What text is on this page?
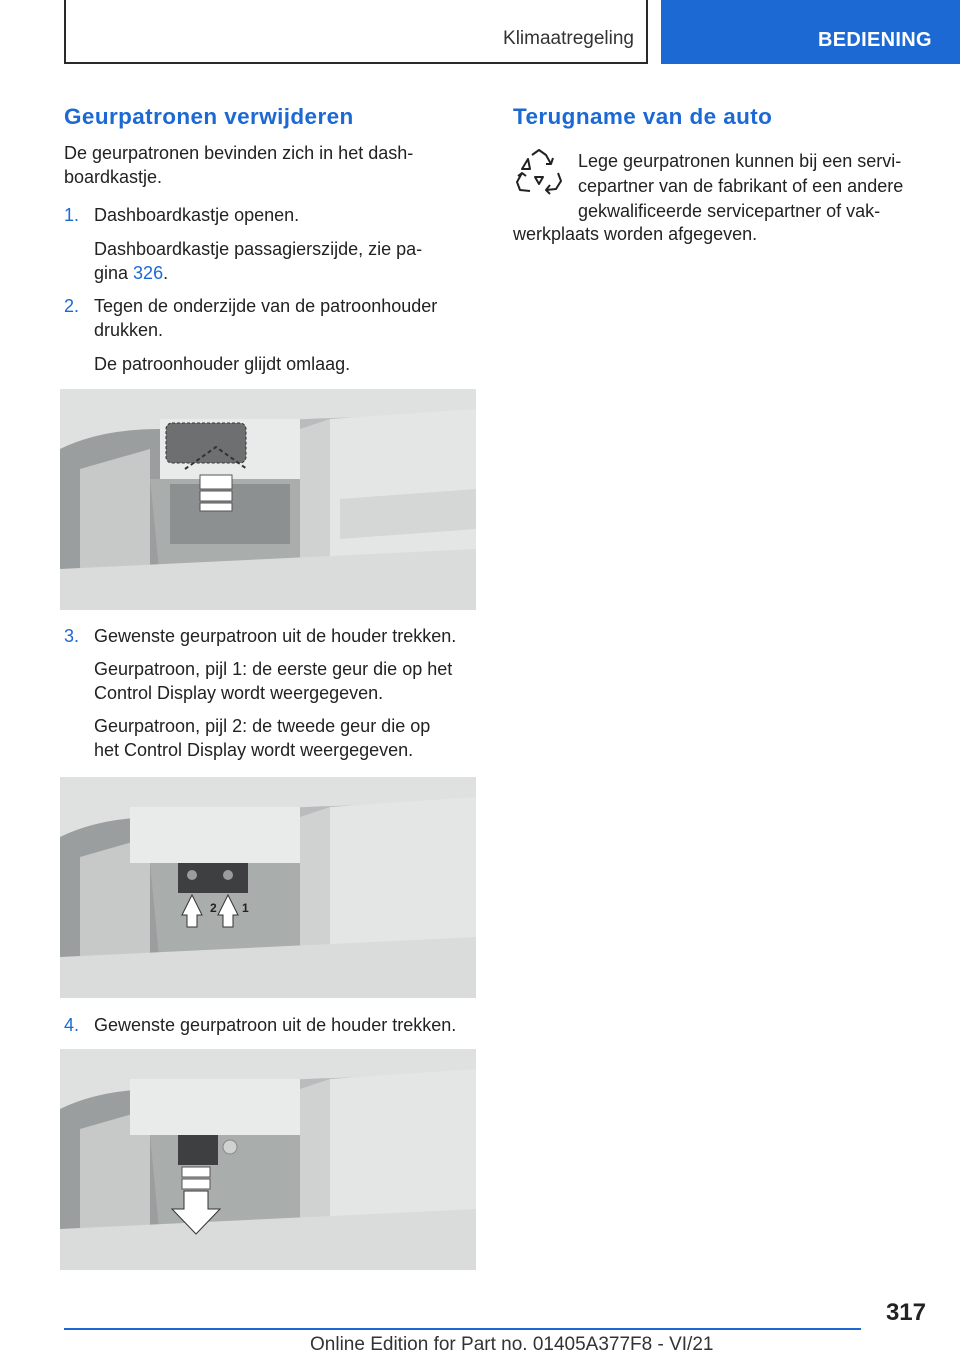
Klimaatregeling	BEDIENING
Geurpatronen verwijderen

De geurpatronen bevinden zich in het dash‐
boardkastje.

1. Dashboardkastje openen.

Dashboardkastje passagierszijde, zie pa‐
gina 326.

2. Tegen de onderzijde van de patroonhouder
drukken.

De patroonhouder glijdt omlaag.

3. Gewenste geurpatroon uit de houder trekken.

Geurpatroon, pijl 1: de eerste geur die op het
Control Display wordt weergegeven.

Geurpatroon, pijl 2: de tweede geur die op
het Control Display wordt weergegeven.

2 1
4. Gewenste geurpatroon uit de houder trekken.

Terugname van de auto

Lege geurpatronen kunnen bij een servi‐
cepartner van de fabrikant of een andere
gekwalificeerde servicepartner of vak‐

werkplaats worden afgegeven.

317
Online Edition for Part no. 01405A377F8 - VI/21
